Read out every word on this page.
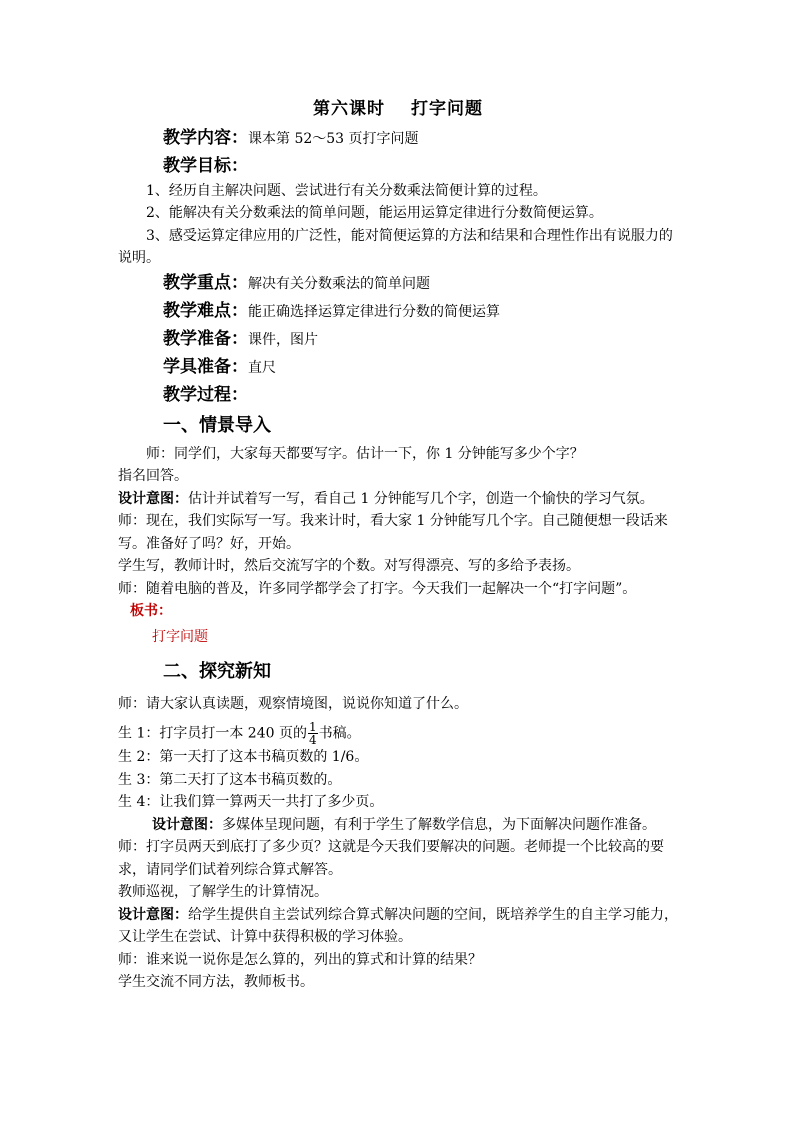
第六课时 打字问题
教学内容：课本第 52～53 页打字问题
教学目标：

1、经历自主解决问题、尝试进行有关分数乘法简便计算的过程。

2、能解决有关分数乘法的简单问题，能运用运算定律进行分数简便运算。

3、感受运算定律应用的广泛性，能对简便运算的方法和结果和合理性作出有说服力的说明。

教学重点：解决有关分数乘法的简单问题
教学难点：能正确选择运算定律进行分数的简便运算
教学准备：课件，图片
学具准备：直尺
教学过程：
一、情景导入

师：同学们，大家每天都要写字。估计一下，你 1 分钟能写多少个字？

指名回答。

设计意图：估计并试着写一写，看自己 1 分钟能写几个字，创造一个愉快的学习气氛。

师：现在，我们实际写一写。我来计时，看大家 1 分钟能写几个字。自己随便想一段话来写。准备好了吗？好，开始。

学生写，教师计时，然后交流写字的个数。对写得漂亮、写的多给予表扬。

师：随着电脑的普及，许多同学都学会了打字。今天我们一起解决一个“打字问题”。

板书：

打字问题

二、探究新知

师：请大家认真读题，观察情境图，说说你知道了什么。

生 1：打字员打一本 240 页的 $\frac{1}{4}$ 书稿。

生 2：第一天打了这本书稿页数的 1/6。

生 3：第二天打了这本书稿页数的。

生 4：让我们算一算两天一共打了多少页。

设计意图：多媒体呈现问题，有利于学生了解数学信息，为下面解决问题作准备。

师：打字员两天到底打了多少页？这就是今天我们要解决的问题。老师提一个比较高的要求，请同学们试着列综合算式解答。

教师巡视，了解学生的计算情况。

设计意图：给学生提供自主尝试列综合算式解决问题的空间，既培养学生的自主学习能力，又让学生在尝试、计算中获得积极的学习体验。

师：谁来说一说你是怎么算的，列出的算式和计算的结果？

学生交流不同方法，教师板书。
